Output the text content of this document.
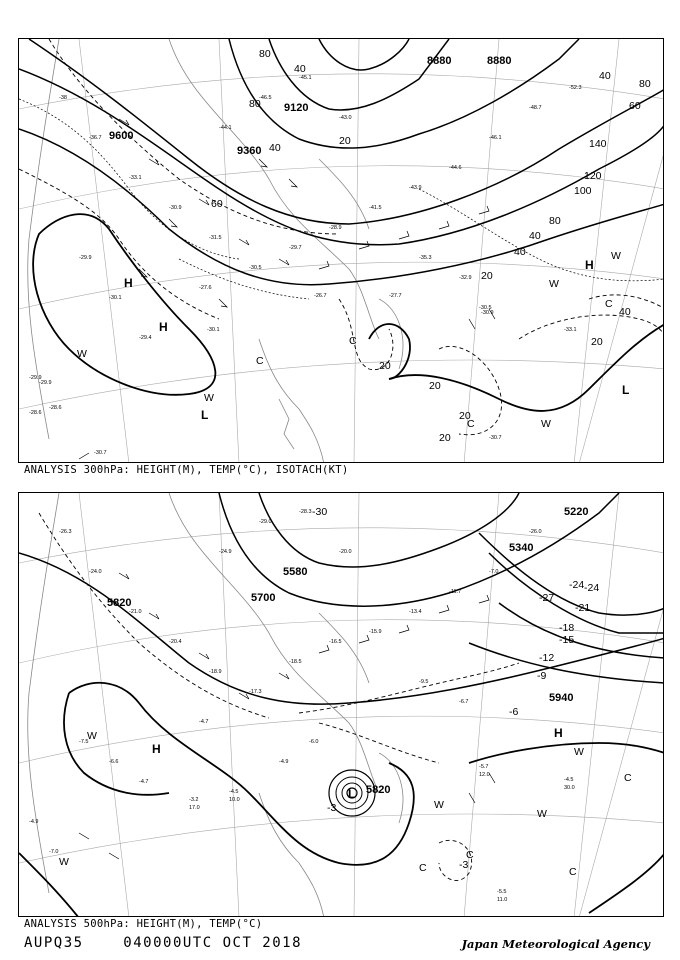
-38
-36.7
-33.1
-30.9
-31.5
-30.5
-29.7
-28.9
-41.5
-43.9
-44.6
-46.1
-48.7
-52.3
-44.1
-46.5
-45.1
-43.0
-35.3
-32.9
-27.6
-29.9
-30.1
-29.4
-29.9
-28.6
-30.5
9600
9360
9120
8880	8880
80
40
80
20
60
40
20
20
20
40
20
40
60
80
100
120
140
80
40
40
20
20
-30.7
-33.1
-30.9
-30.1
-30.7
-29.9
-28.6
-27.7
-26.7
H
H
W
W
L
C
C
H
W
W
C
L
C	W
ANALYSIS 300hPa: HEIGHT(M), TEMP(°C), ISOTACH(KT)
-26.3
-24.0
-21.0
-20.4
-18.9
-17.3
-18.5
-16.5
-15.9
-13.4
-11.7
-7.0
-26.0
-24.9
-29.0
-28.3
-20.0
-9.5
-6.7
-4.7
-7.5
-6.6
-4.7
-4.9
-7.0
-6.0
-4.9
5820	5700
5580
5220
5340
5940
5820
-30
-24
-21
-18
-15
-12
-9
-6
-3
-24
-27
-3
-5.7
12.0
-4.5
30.0
-5.5
11.0
-3.2
17.0
-4.5
10.0
H
W
W
L
W
C
C
W
H
W
C
C
ANALYSIS 500hPa: HEIGHT(M), TEMP(°C)
AUPQ35	040000UTC OCT 2018	Japan Meteorological Agency
